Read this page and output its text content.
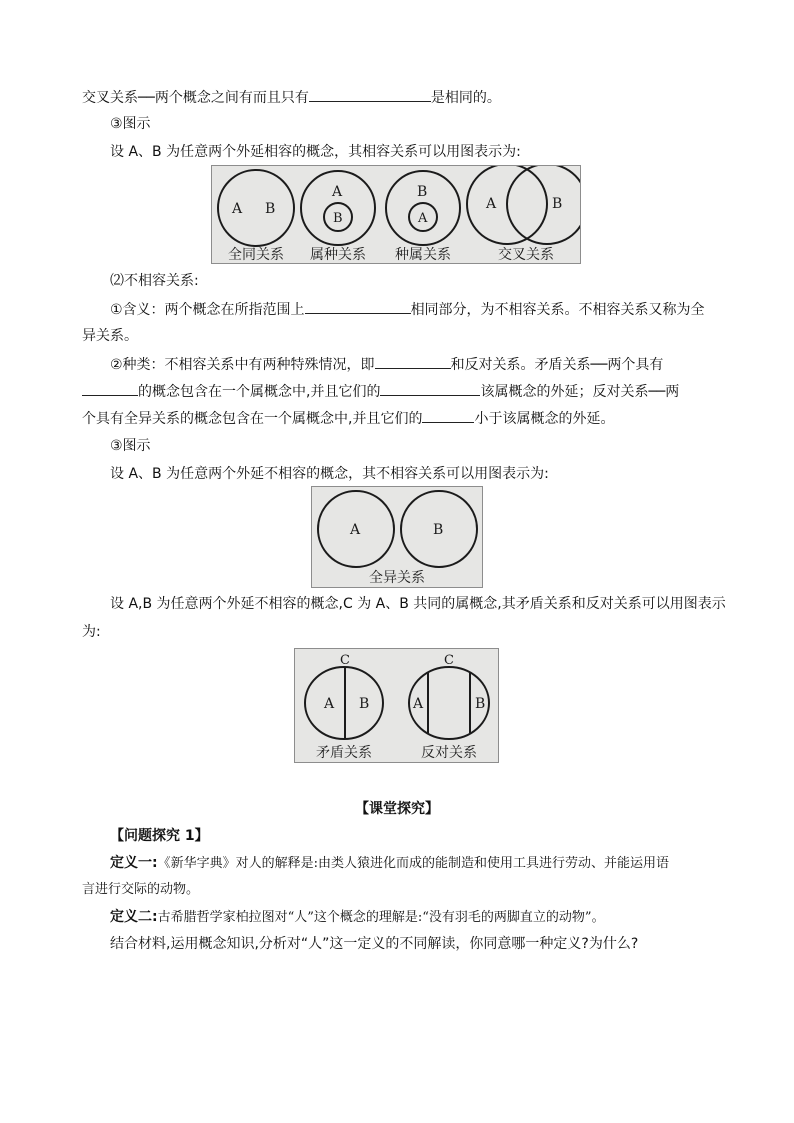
交叉关系──两个概念之间有而且只有	是相同的。
③图示
设 A、B 为任意两个外延相容的概念，其相容关系可以用图表示为:
A B
A
B
B
A
A	B
全同关系 属种关系 种属关系	交叉关系
⑵不相容关系:
①含义：两个概念在所指范围上	相同部分，为不相容关系。不相容关系又称为全
异关系。
②种类：不相容关系中有两种特殊情况，即	和反对关系。矛盾关系──两个具有
的概念包含在一个属概念中,并且它们的	该属概念的外延；反对关系──两
个具有全异关系的概念包含在一个属概念中,并且它们的	小于该属概念的外延。
③图示
设 A、B 为任意两个外延不相容的概念，其不相容关系可以用图表示为:
A	B
全异关系
设 A,B 为任意两个外延不相容的概念,C 为 A、B 共同的属概念,其矛盾关系和反对关系可以用图表示
为:
C
A B
C
A	B
矛盾关系	反对关系
【课堂探究】
【问题探究 1】
定义一:《新华字典》对人的解释是:由类人猿进化而成的能制造和使用工具进行劳动、并能运用语
言进行交际的动物。
定义二:古希腊哲学家柏拉图对“人”这个概念的理解是:“没有羽毛的两脚直立的动物”。
结合材料,运用概念知识,分析对“人”这一定义的不同解读，你同意哪一种定义?为什么?
